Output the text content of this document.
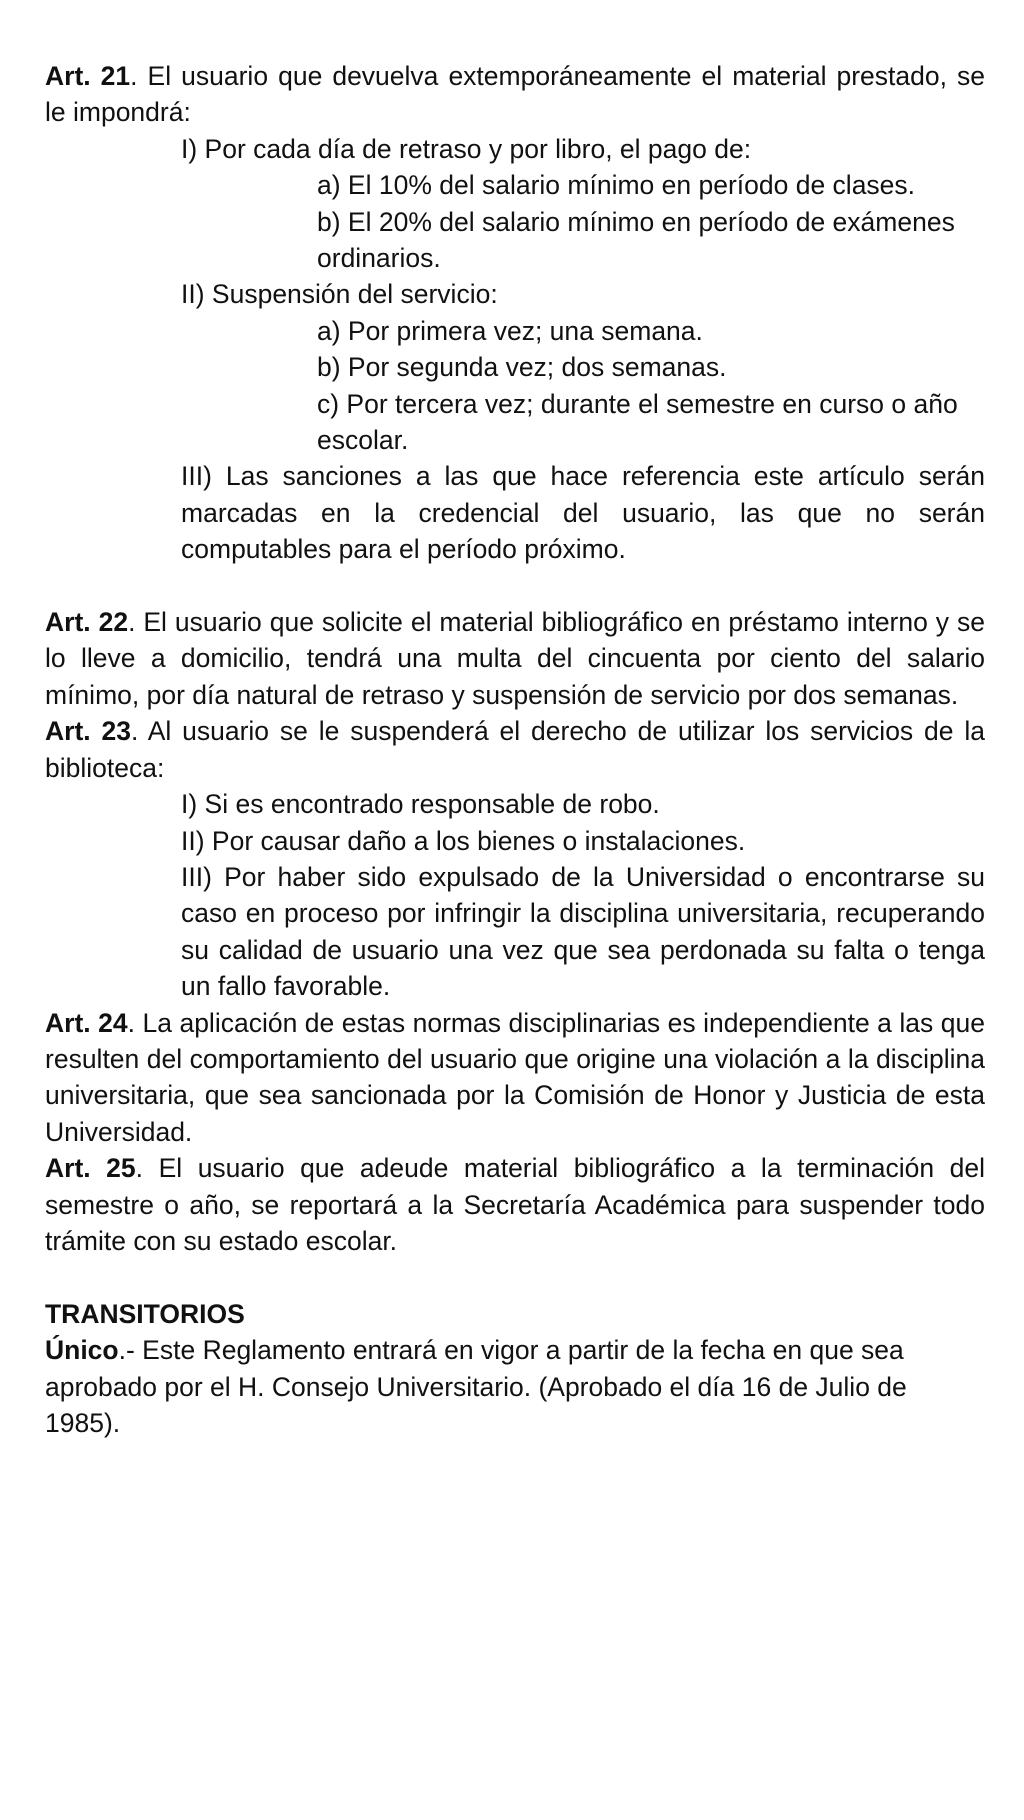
Art. 21. El usuario que devuelva extemporáneamente el material prestado, se le impondrá:

I) Por cada día de retraso y por libro, el pago de:

a) El 10% del salario mínimo en período de clases.

b) El 20% del salario mínimo en período de exámenes ordinarios.

II) Suspensión del servicio:

a) Por primera vez; una semana.

b) Por segunda vez; dos semanas.

c) Por tercera vez; durante el semestre en curso o año escolar.

III) Las sanciones a las que hace referencia este artículo serán marcadas en la credencial del usuario, las que no serán computables para el período próximo.

Art. 22. El usuario que solicite el material bibliográfico en préstamo interno y se lo lleve a domicilio, tendrá una multa del cincuenta por ciento del salario mínimo, por día natural de retraso y suspensión de servicio por dos semanas.

Art. 23. Al usuario se le suspenderá el derecho de utilizar los servicios de la biblioteca:

I) Si es encontrado responsable de robo.

II) Por causar daño a los bienes o instalaciones.

III) Por haber sido expulsado de la Universidad o encontrarse su caso en proceso por infringir la disciplina universitaria, recuperando su calidad de usuario una vez que sea perdonada su falta o tenga un fallo favorable.

Art. 24. La aplicación de estas normas disciplinarias es independiente a las que resulten del comportamiento del usuario que origine una violación a la disciplina universitaria, que sea sancionada por la Comisión de Honor y Justicia de esta Universidad.

Art. 25. El usuario que adeude material bibliográfico a la terminación del semestre o año, se reportará a la Secretaría Académica para suspender todo trámite con su estado escolar.

TRANSITORIOS

Único.- Este Reglamento entrará en vigor a partir de la fecha en que sea
aprobado por el H. Consejo Universitario. (Aprobado el día 16 de Julio de
1985).
